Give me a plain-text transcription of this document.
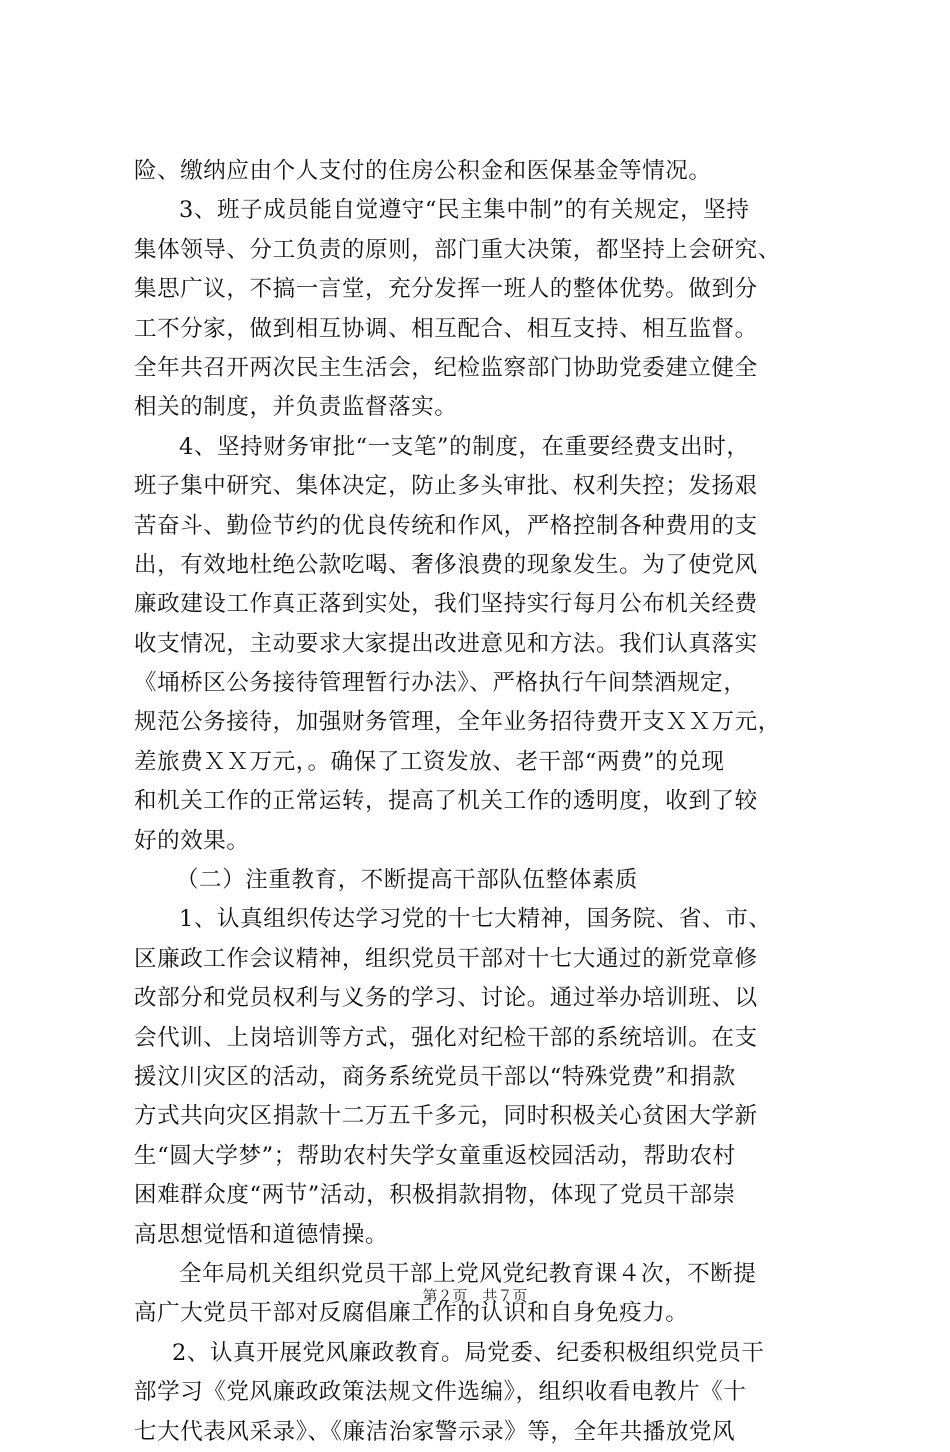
险、缴纳应由个人支付的住房公积金和医保基金等情况。
3、班子成员能自觉遵守“民主集中制”的有关规定，坚持
集体领导、分工负责的原则，部门重大决策，都坚持上会研究、
集思广议，不搞一言堂，充分发挥一班人的整体优势。做到分
工不分家，做到相互协调、相互配合、相互支持、相互监督。
全年共召开两次民主生活会，纪检监察部门协助党委建立健全
相关的制度，并负责监督落实。
4、坚持财务审批“一支笔”的制度，在重要经费支出时，
班子集中研究、集体决定，防止多头审批、权利失控；发扬艰
苦奋斗、勤俭节约的优良传统和作风，严格控制各种费用的支
出，有效地杜绝公款吃喝、奢侈浪费的现象发生。为了使党风
廉政建设工作真正落到实处，我们坚持实行每月公布机关经费
收支情况，主动要求大家提出改进意见和方法。我们认真落实
《埇桥区公务接待管理暂行办法》、严格执行午间禁酒规定，
规范公务接待，加强财务管理，全年业务招待费开支ＸＸ万元，
差旅费ＸＸ万元，。确保了工资发放、老干部“两费”的兑现
和机关工作的正常运转，提高了机关工作的透明度，收到了较
好的效果。
（二）注重教育，不断提高干部队伍整体素质
1、认真组织传达学习党的十七大精神，国务院、省、市、
区廉政工作会议精神，组织党员干部对十七大通过的新党章修
改部分和党员权利与义务的学习、讨论。通过举办培训班、以
会代训、上岗培训等方式，强化对纪检干部的系统培训。在支
援汶川灾区的活动，商务系统党员干部以“特殊党费”和捐款
方式共向灾区捐款十二万五千多元，同时积极关心贫困大学新
生“圆大学梦”；帮助农村失学女童重返校园活动，帮助农村
困难群众度“两节”活动，积极捐款捐物，体现了党员干部崇
高思想觉悟和道德情操。
全年局机关组织党员干部上党风党纪教育课４次，不断提
高广大党员干部对反腐倡廉工作的认识和自身免疫力。
2、认真开展党风廉政教育。局党委、纪委积极组织党员干
部学习《党风廉政政策法规文件选编》，组织收看电教片《十
七大代表风采录》、《廉洁治家警示录》等，全年共播放党风
第２页　共７页
